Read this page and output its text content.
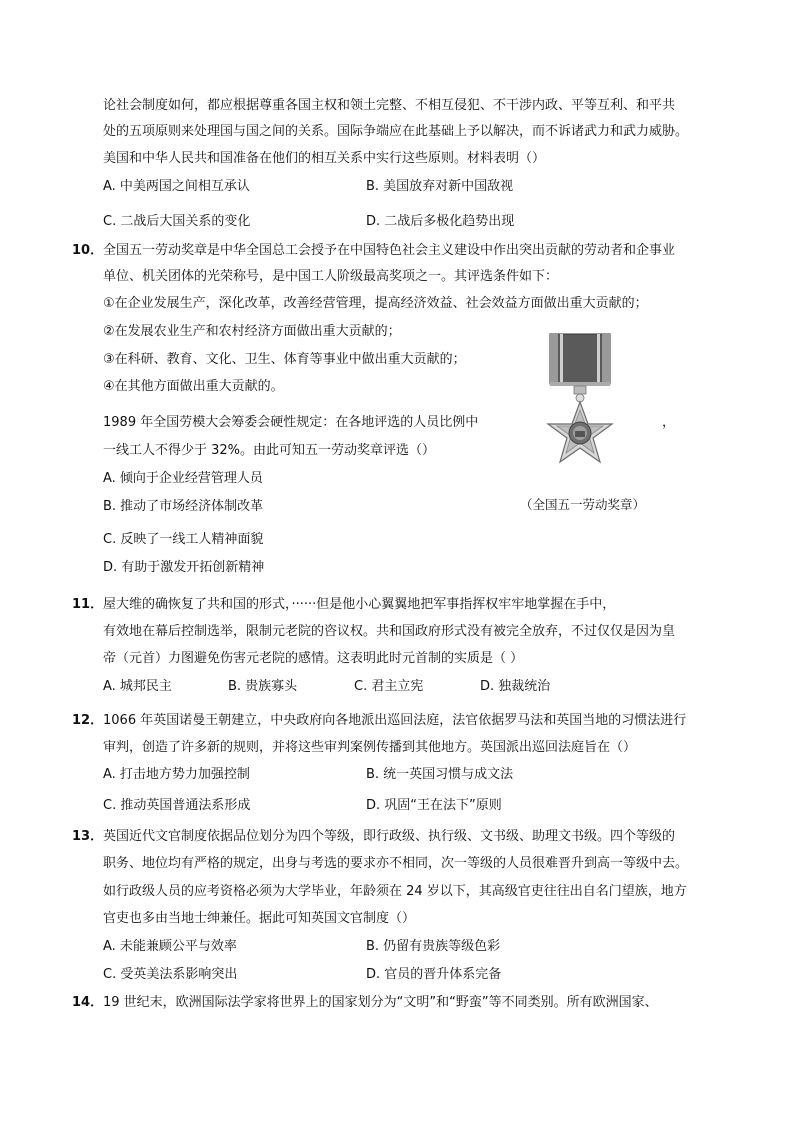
论社会制度如何，都应根据尊重各国主权和领土完整、不相互侵犯、不干涉内政、平等互利、和平共
处的五项原则来处理国与国之间的关系。国际争端应在此基础上予以解决，而不诉诸武力和武力威胁。
美国和中华人民共和国准备在他们的相互关系中实行这些原则。材料表明（）
A. 中美两国之间相互承认	B. 美国放弃对新中国敌视
C. 二战后大国关系的变化	D. 二战后多极化趋势出现
10． 全国五一劳动奖章是中华全国总工会授予在中国特色社会主义建设中作出突出贡献的劳动者和企事业
单位、机关团体的光荣称号，是中国工人阶级最高奖项之一。其评选条件如下：
①在企业发展生产，深化改革，改善经营管理，提高经济效益、社会效益方面做出重大贡献的；
②在发展农业生产和农村经济方面做出重大贡献的；
③在科研、教育、文化、卫生、体育等事业中做出重大贡献的；
④在其他方面做出重大贡献的。
1989 年全国劳模大会筹委会硬性规定：在各地评选的人员比例中	，
一线工人不得少于 32%。由此可知五一劳动奖章评选（）
A. 倾向于企业经营管理人员
B. 推动了市场经济体制改革
C. 反映了一线工人精神面貌
D. 有助于激发开拓创新精神
（全国五一劳动奖章）
11． 屋大维的确恢复了共和国的形式，······但是他小心翼翼地把军事指挥权牢牢地掌握在手中，
有效地在幕后控制选举，限制元老院的咨议权。共和国政府形式没有被完全放弃，不过仅仅是因为皇
帝（元首）力图避免伤害元老院的感情。这表明此时元首制的实质是（ ）
A. 城邦民主	B. 贵族寡头	C. 君主立宪	D. 独裁统治
12． 1066 年英国诺曼王朝建立，中央政府向各地派出巡回法庭，法官依据罗马法和英国当地的习惯法进行
审判，创造了许多新的规则，并将这些审判案例传播到其他地方。英国派出巡回法庭旨在（）
A. 打击地方势力加强控制	B. 统一英国习惯与成文法
C. 推动英国普通法系形成	D. 巩固“王在法下”原则
13． 英国近代文官制度依据品位划分为四个等级，即行政级、执行级、文书级、助理文书级。四个等级的
职务、地位均有严格的规定，出身与考选的要求亦不相同，次一等级的人员很难晋升到高一等级中去。
如行政级人员的应考资格必须为大学毕业，年龄须在 24 岁以下，其高级官吏往往出自名门望族，地方
官吏也多由当地士绅兼任。据此可知英国文官制度（）
A. 未能兼顾公平与效率	B. 仍留有贵族等级色彩
C. 受英美法系影响突出	D. 官员的晋升体系完备
14． 19 世纪末，欧洲国际法学家将世界上的国家划分为“文明”和“野蛮”等不同类别。所有欧洲国家、
